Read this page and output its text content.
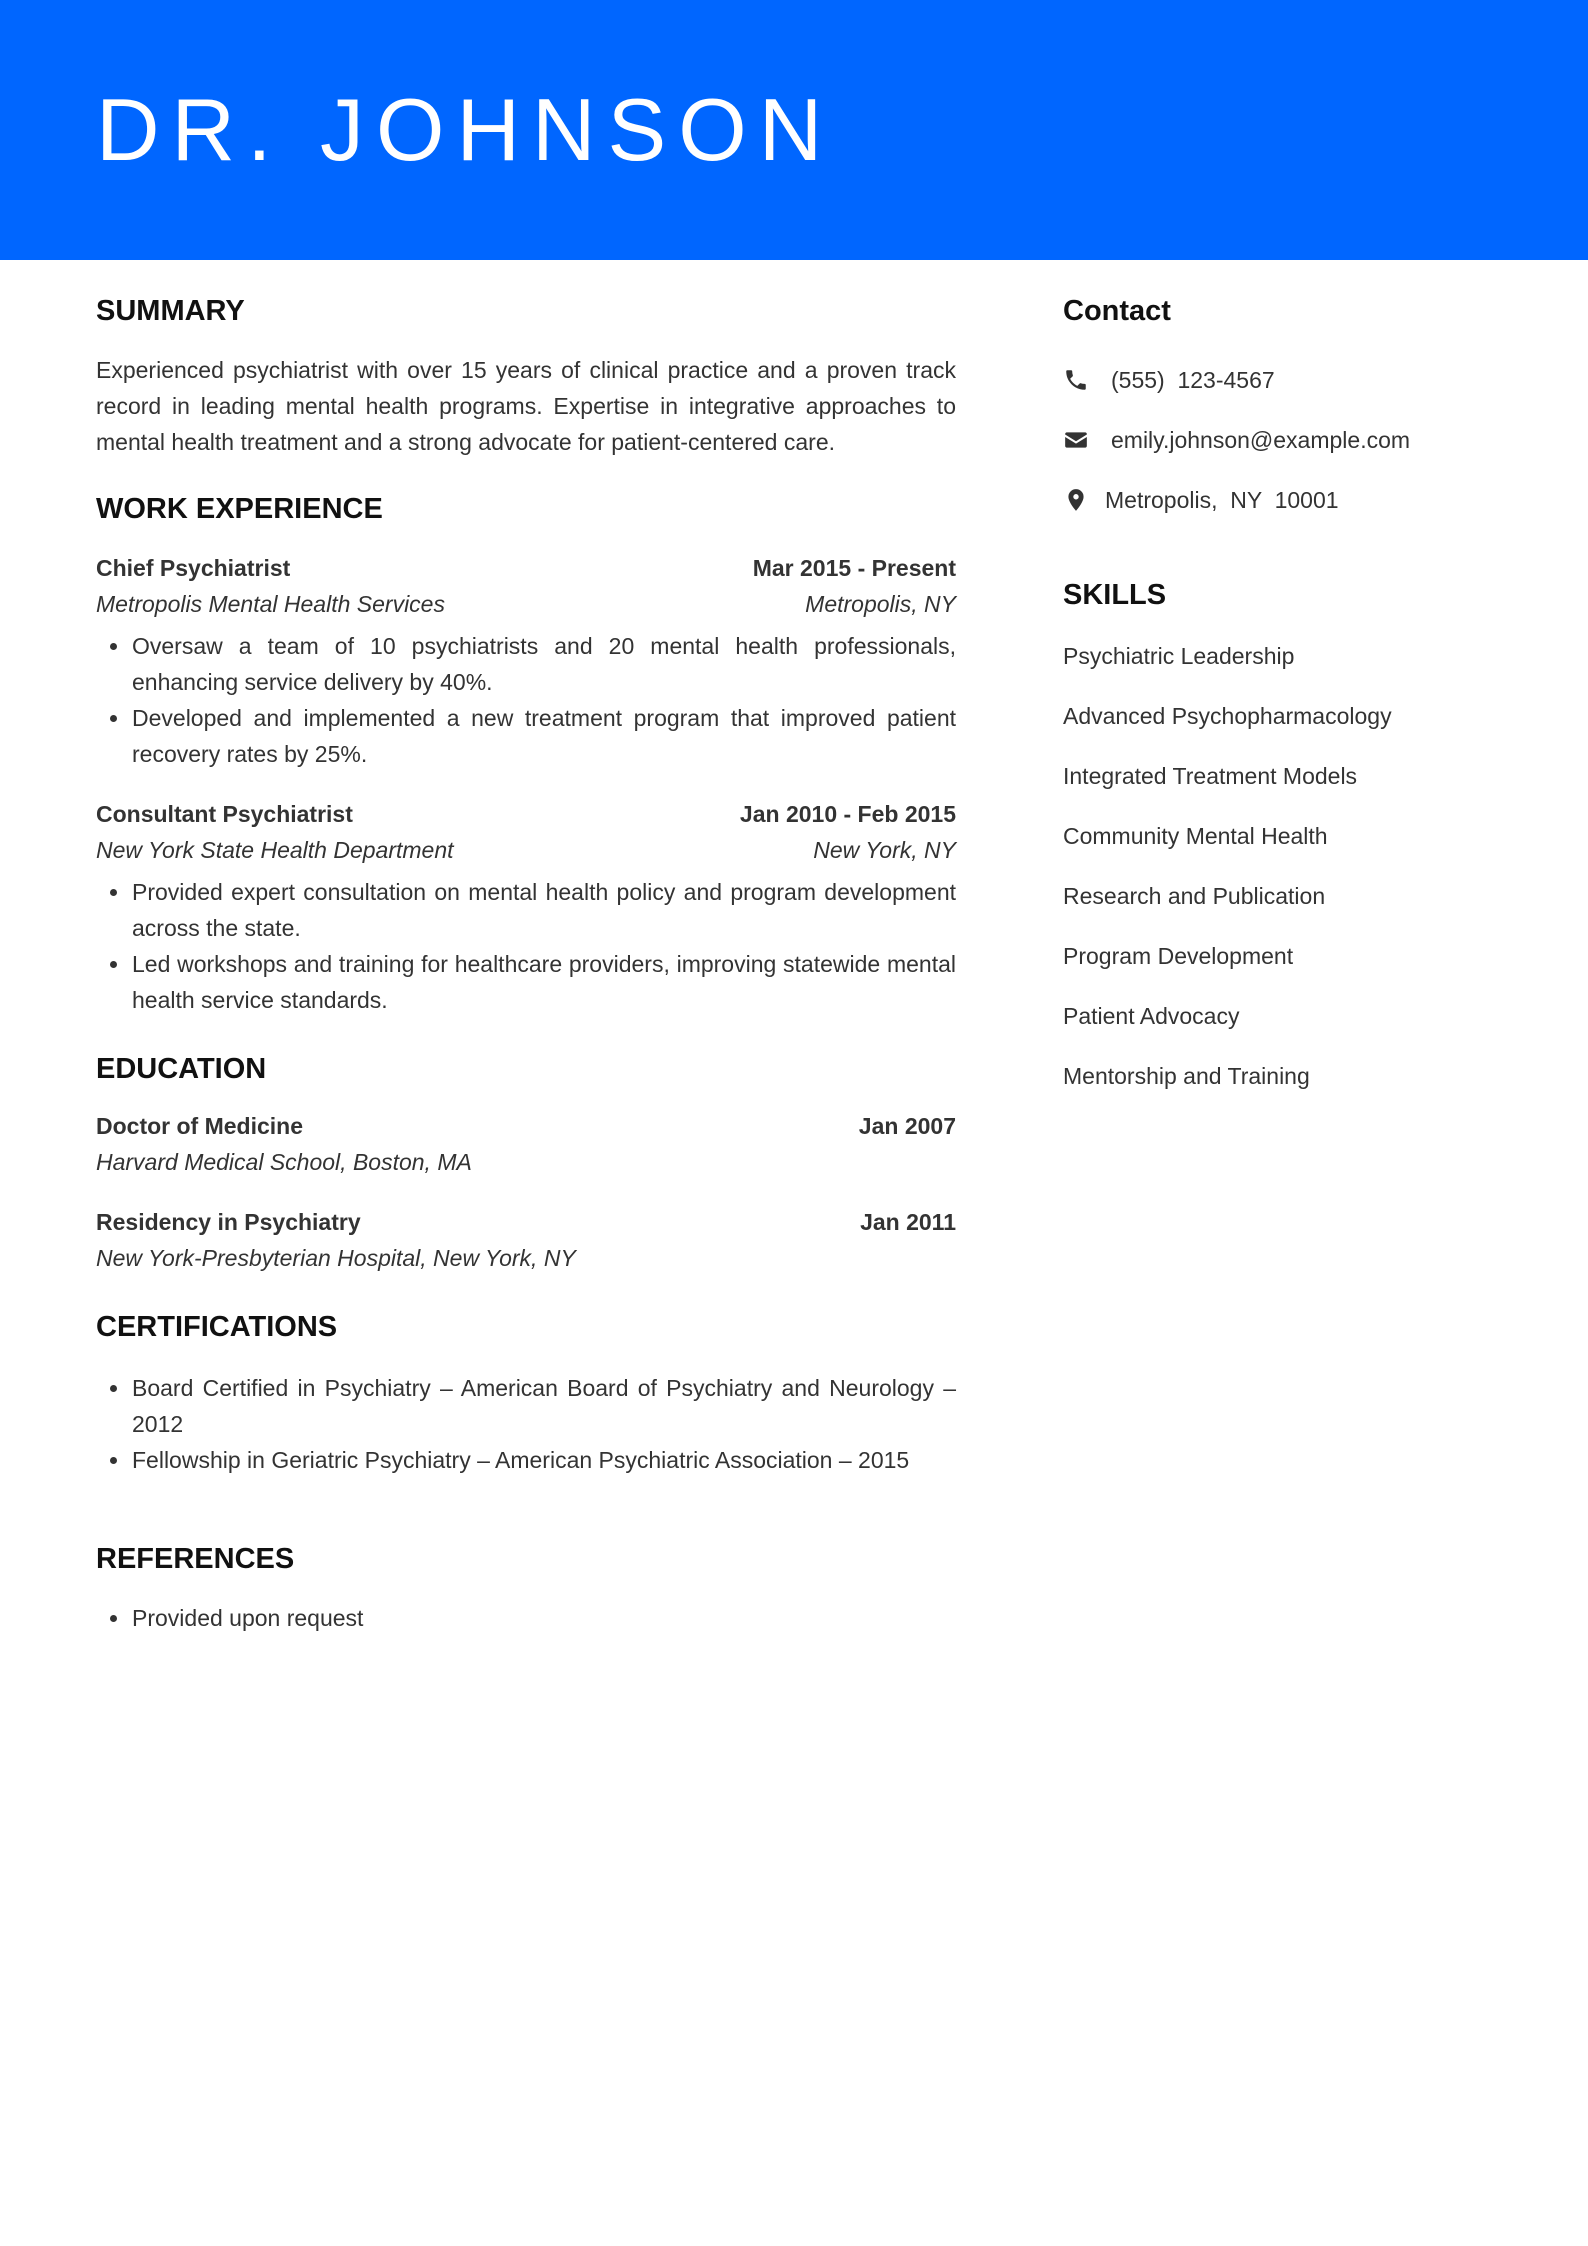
DR. JOHNSON
SUMMARY

Experienced psychiatrist with over 15 years of clinical practice and a proven track record in leading mental health programs. Expertise in integrative approaches to mental health treatment and a strong advocate for patient-centered care.

WORK EXPERIENCE
Chief Psychiatrist	Mar 2015 - Present
Metropolis Mental Health Services	Metropolis, NY
Oversaw a team of 10 psychiatrists and 20 mental health professionals, enhancing service delivery by 40%.
Developed and implemented a new treatment program that improved patient recovery rates by 25%.
Consultant Psychiatrist	Jan 2010 - Feb 2015
New York State Health Department	New York, NY
Provided expert consultation on mental health policy and program development across the state.
Led workshops and training for healthcare providers, improving statewide mental health service standards.
EDUCATION
Doctor of Medicine	Jan 2007
Harvard Medical School, Boston, MA
Residency in Psychiatry	Jan 2011
New York-Presbyterian Hospital, New York, NY
CERTIFICATIONS
Board Certified in Psychiatry – American Board of Psychiatry and Neurology – 2012
Fellowship in Geriatric Psychiatry – American Psychiatric Association – 2015
REFERENCES
Provided upon request
Contact
(555)  123-4567
emily.johnson@example.com
Metropolis,  NY  10001
SKILLS
Psychiatric Leadership
Advanced Psychopharmacology
Integrated Treatment Models
Community Mental Health
Research and Publication
Program Development
Patient Advocacy
Mentorship and Training
